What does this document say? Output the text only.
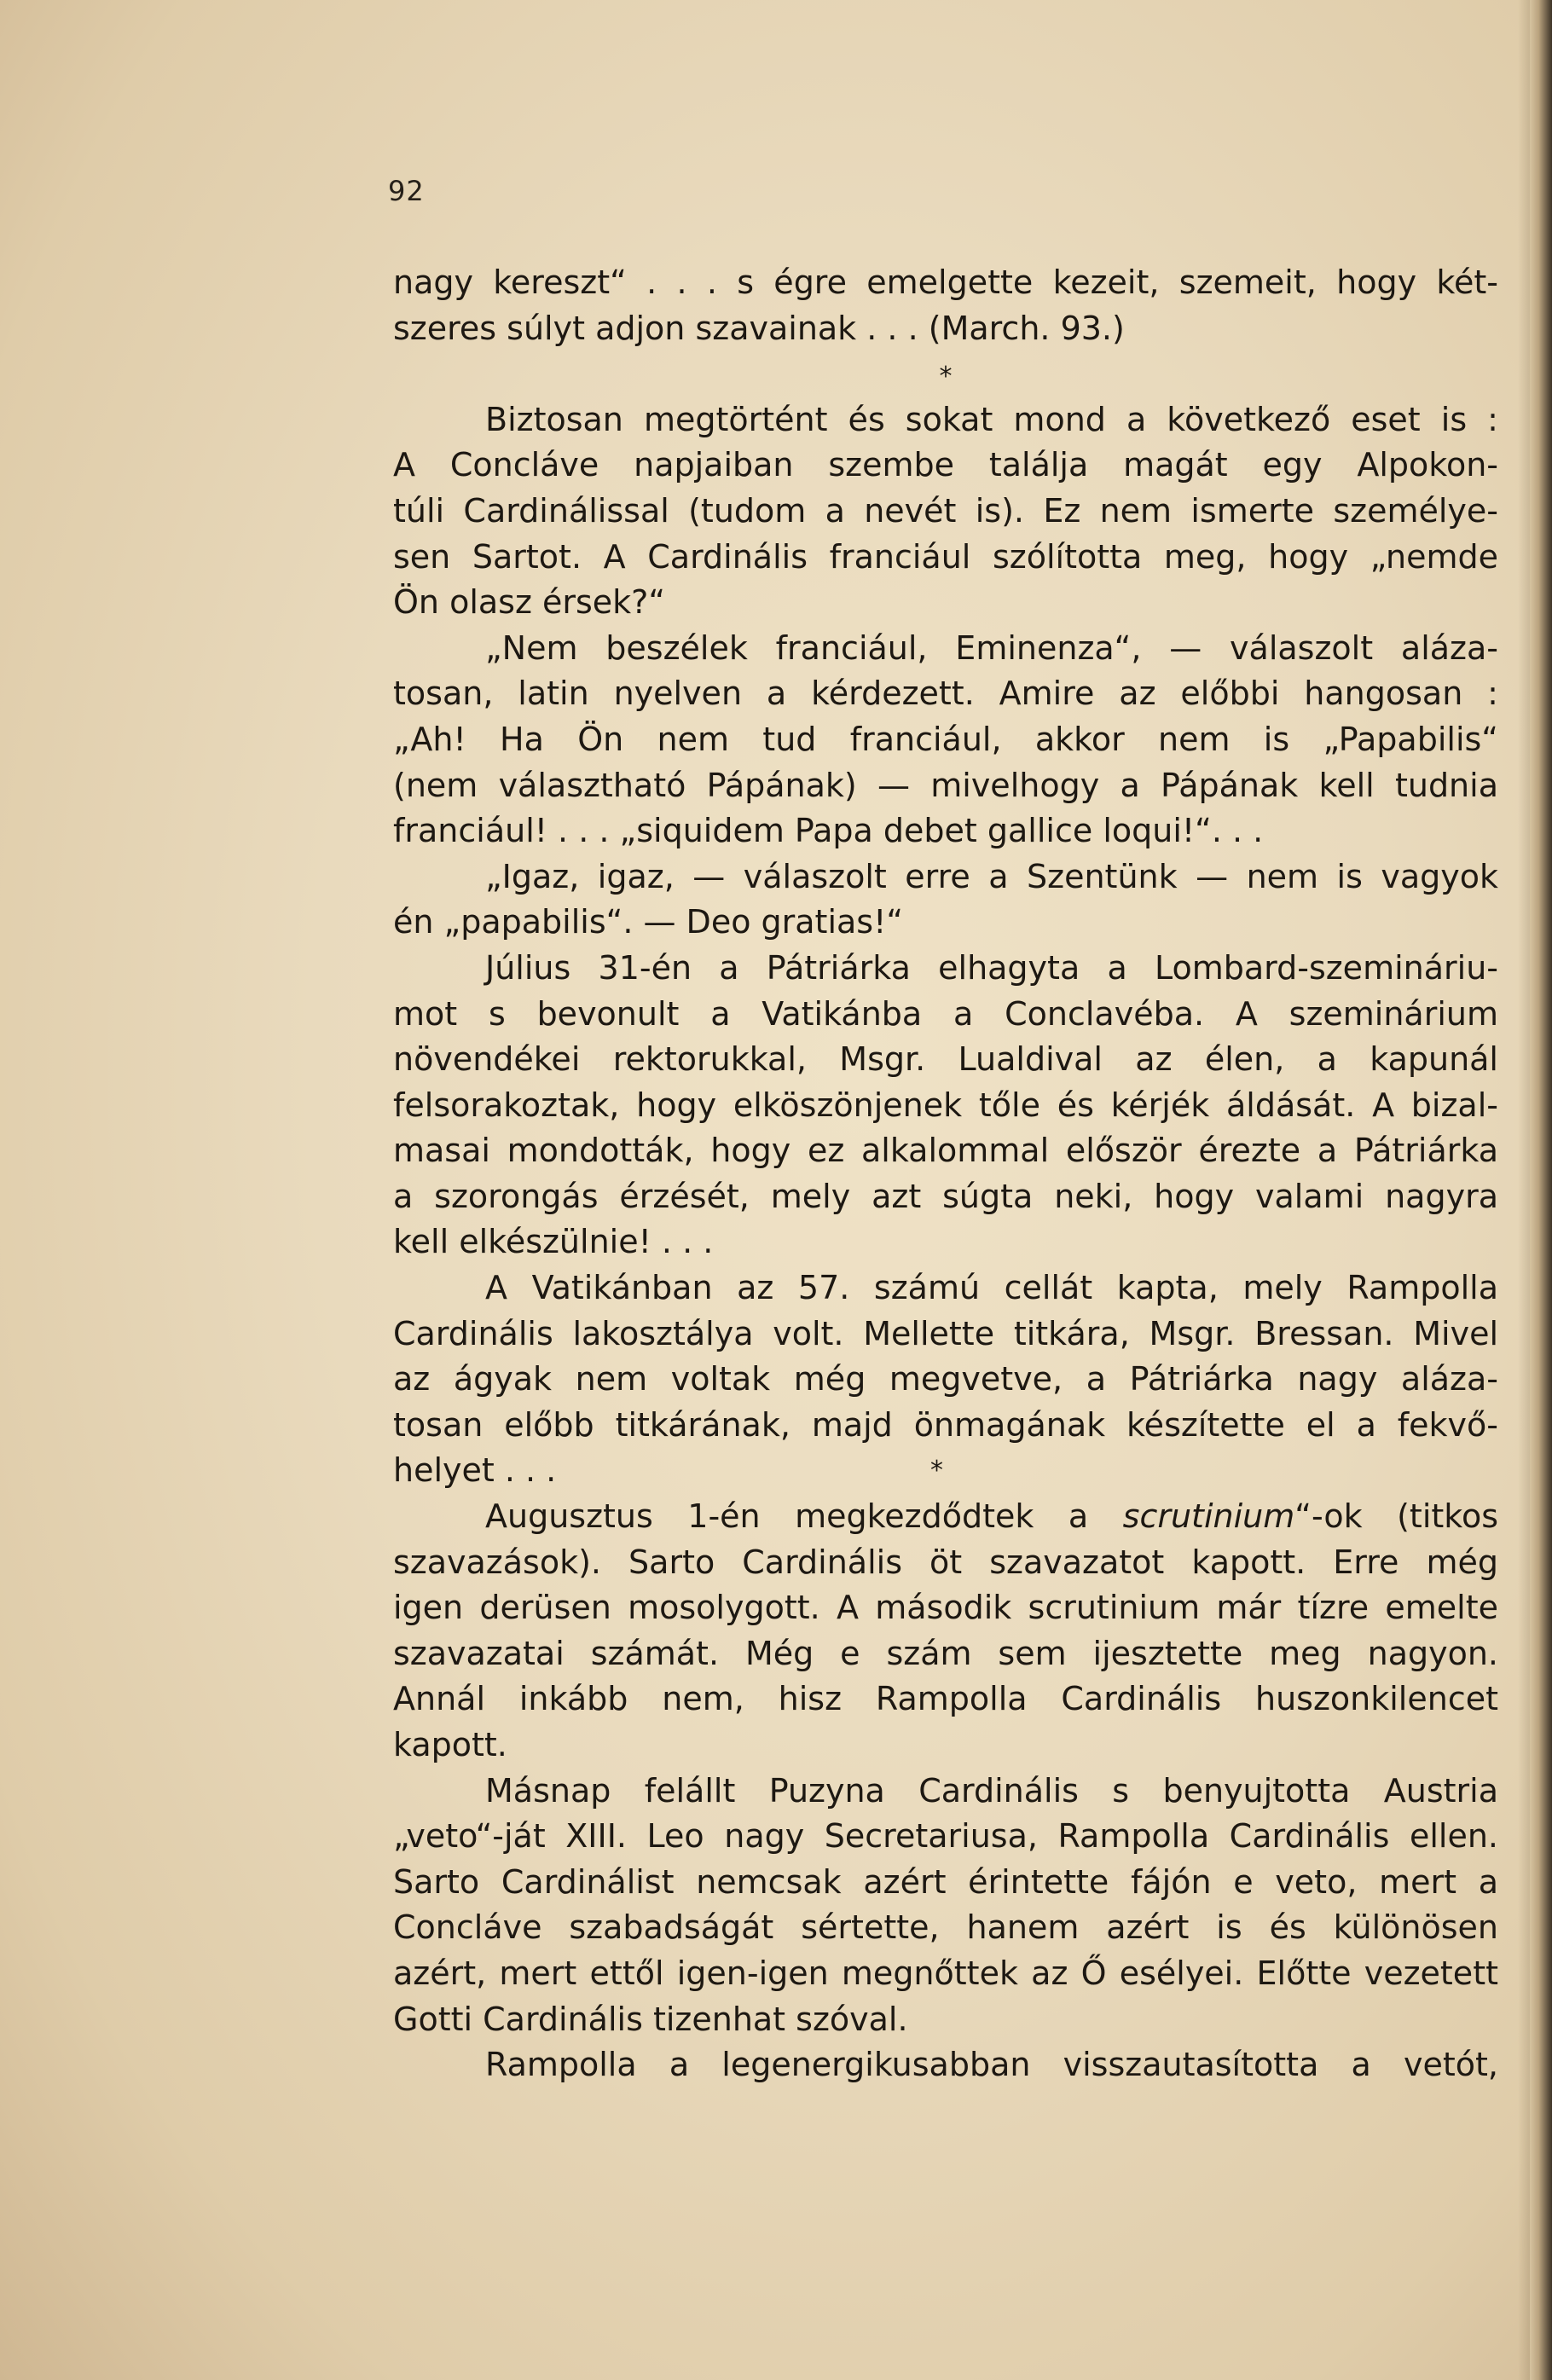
92
nagy kereszt“ . . . s égre emelgette kezeit, szemeit, hogy két-
szeres súlyt adjon szavainak . . . (March. 93.)
*
Biztosan megtörtént és sokat mond a következő eset is :
A Concláve napjaiban szembe találja magát egy Alpokon-
túli Cardinálissal (tudom a nevét is). Ez nem ismerte személye-
sen Sartot. A Cardinális franciául szólította meg, hogy „nemde
Ön olasz érsek?“
„Nem beszélek franciául, Eminenza“, — válaszolt aláza-
tosan, latin nyelven a kérdezett. Amire az előbbi hangosan :
„Ah! Ha Ön nem tud franciául, akkor nem is „Papabilis“
(nem választható Pápának) — mivelhogy a Pápának kell tudnia
franciául! . . . „siquidem Papa debet gallice loqui!“. . .
„Igaz, igaz, — válaszolt erre a Szentünk — nem is vagyok
én „papabilis“. — Deo gratias!“
Július 31-én a Pátriárka elhagyta a Lombard-szemináriu-
mot s bevonult a Vatikánba a Conclavéba. A szeminárium
növendékei rektorukkal, Msgr. Lualdival az élen, a kapunál
felsorakoztak, hogy elköszönjenek tőle és kérjék áldását. A bizal-
masai mondották, hogy ez alkalommal először érezte a Pátriárka
a szorongás érzését, mely azt súgta neki, hogy valami nagyra
kell elkészülnie! . . .
A Vatikánban az 57. számú cellát kapta, mely Rampolla
Cardinális lakosztálya volt. Mellette titkára, Msgr. Bressan. Mivel
az ágyak nem voltak még megvetve, a Pátriárka nagy aláza-
tosan előbb titkárának, majd önmagának készítette el a fekvő-
helyet . . .	*
Augusztus 1-én megkezdődtek a scrutinium“-ok (titkos
szavazások). Sarto Cardinális öt szavazatot kapott. Erre még
igen derüsen mosolygott. A második scrutinium már tízre emelte
szavazatai számát. Még e szám sem ijesztette meg nagyon.
Annál inkább nem, hisz Rampolla Cardinális huszonkilencet
kapott.
Másnap felállt Puzyna Cardinális s benyujtotta Austria
„veto“-ját XIII. Leo nagy Secretariusa, Rampolla Cardinális ellen.
Sarto Cardinálist nemcsak azért érintette fájón e veto, mert a
Concláve szabadságát sértette, hanem azért is és különösen
azért, mert ettől igen-igen megnőttek az Ő esélyei. Előtte vezetett
Gotti Cardinális tizenhat szóval.
Rampolla a legenergikusabban visszautasította a vetót,
